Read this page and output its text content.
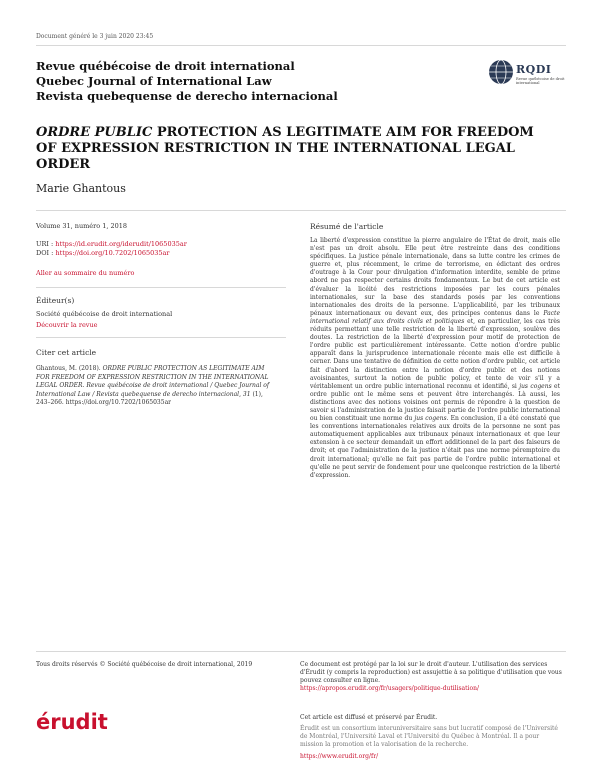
Document généré le 3 juin 2020 23:45
Revue québécoise de droit international
Quebec Journal of International Law
Revista quebequense de derecho internacional
RQDI
Revue québécoise de droit international
ORDRE PUBLIC PROTECTION AS LEGITIMATE AIM FOR FREEDOM OF EXPRESSION RESTRICTION IN THE INTERNATIONAL LEGAL ORDER
Marie Ghantous
Volume 31, numéro 1, 2018
URI : https://id.erudit.org/iderudit/1065035ar
DOI : https://doi.org/10.7202/1065035ar
Aller au sommaire du numéro
Éditeur(s)
Société québécoise de droit international
Découvrir la revue
Citer cet article
Ghantous, M. (2018). ORDRE PUBLIC PROTECTION AS LEGITIMATE AIM FOR FREEDOM OF EXPRESSION RESTRICTION IN THE INTERNATIONAL LEGAL ORDER. Revue québécoise de droit international / Quebec Journal of International Law / Revista quebequense de derecho internacional, 31 (1), 243–266. https://doi.org/10.7202/1065035ar
Résumé de l'article
La liberté d'expression constitue la pierre angulaire de l'État de droit, mais elle n'est pas un droit absolu. Elle peut être restreinte dans des conditions spécifiques. La justice pénale internationale, dans sa lutte contre les crimes de guerre et, plus récemment, le crime de terrorisme, en édictant des ordres d'outrage à la Cour pour divulgation d'information interdite, semble de prime abord ne pas respecter certains droits fondamentaux. Le but de cet article est d'évaluer la licéité des restrictions imposées par les cours pénales internationales, sur la base des standards posés par les conventions internationales des droits de la personne. L'applicabilité, par les tribunaux pénaux internationaux ou devant eux, des principes contenus dans le Pacte international relatif aux droits civils et politiques et, en particulier, les cas très réduits permettant une telle restriction de la liberté d'expression, soulève des doutes. La restriction de la liberté d'expression pour motif de protection de l'ordre public est particulièrement intéressante. Cette notion d'ordre public apparaît dans la jurisprudence internationale récente mais elle est difficile à cerner. Dans une tentative de définition de cette notion d'ordre public, cet article fait d'abord la distinction entre la notion d'ordre public et des notions avoisinantes, surtout la notion de public policy, et tente de voir s'il y a véritablement un ordre public international reconnu et identifié, si jus cogens et ordre public ont le même sens et peuvent être interchangés. Là aussi, les distinctions avec des notions voisines ont permis de répondre à la question de savoir si l'administration de la justice faisait partie de l'ordre public international ou bien constituait une norme du jus cogens. En conclusion, il a été constaté que les conventions internationales relatives aux droits de la personne ne sont pas automatiquement applicables aux tribunaux pénaux internationaux et que leur extension à ce secteur demandait un effort additionnel de la part des faiseurs de droit; et que l'administration de la justice n'était pas une norme péremptoire du droit international; qu'elle ne fait pas partie de l'ordre public international et qu'elle ne peut servir de fondement pour une quelconque restriction de la liberté d'expression.
Tous droits réservés © Société québécoise de droit international, 2019	Ce document est protégé par la loi sur le droit d'auteur. L'utilisation des services d'Érudit (y compris la reproduction) est assujettie à sa politique d'utilisation que vous pouvez consulter en ligne.
https://apropos.erudit.org/fr/usagers/politique-dutilisation/
érudit	Cet article est diffusé et préservé par Érudit.
Érudit est un consortium interuniversitaire sans but lucratif composé de l'Université de Montréal, l'Université Laval et l'Université du Québec à Montréal. Il a pour mission la promotion et la valorisation de la recherche.
https://www.erudit.org/fr/
